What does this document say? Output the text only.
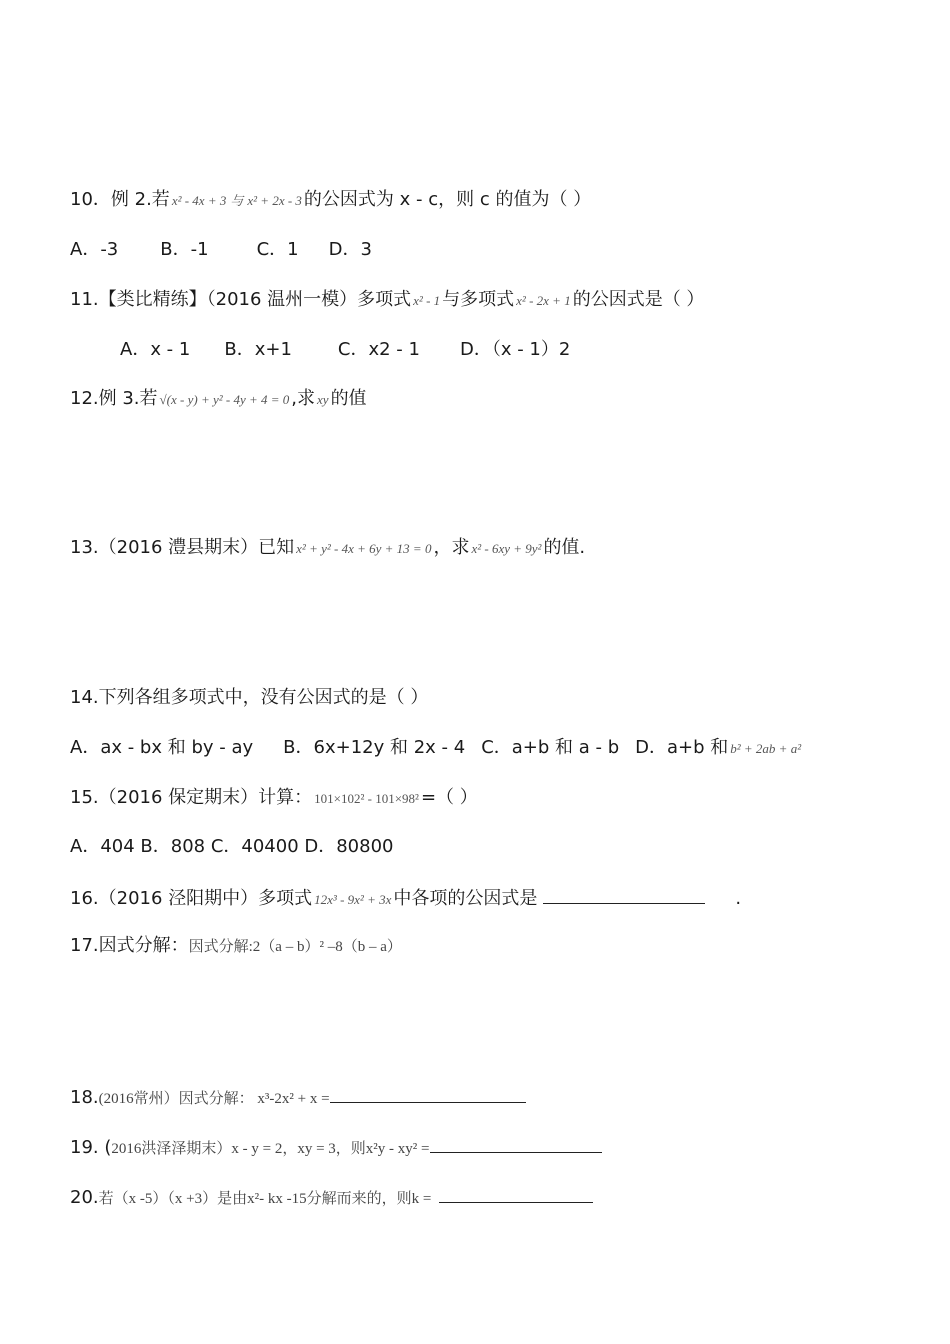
10．例 2.若 x² - 4x + 3 与 x² + 2x - 3 的公因式为 x - c，则 c 的值为（ ）
A．-3 B．-1	C．1 D．3
11.【类比精练】（2016 温州一模）多项式 x² - 1 与多项式 x² - 2x + 1 的公因式是（ ）
A．x - 1 B．x+1	C．x2 - 1 D．（x - 1）2
12.例 3.若 √(x - y) + y² - 4y + 4 = 0 ,求 xy 的值
13.（2016 澧县期末）已知 x² + y² - 4x + 6y + 13 = 0 ，求 x² - 6xy + 9y² 的值.
14.下列各组多项式中，没有公因式的是（ ）
A．ax - bx 和 by - ay B．6x+12y 和 2x - 4 C．a+b 和 a - b D．a+b 和 b² + 2ab + a²
15.（2016 保定期末）计算： 101×102² - 101×98² =（ ）
A．404 B．808 C．40400 D．80800
16.（2016 泾阳期中）多项式 12x³ - 9x² + 3x 中各项的公因式是	.
17.因式分解：因式分解:2（a – b）² –8（b – a）
18.(2016常州）因式分解： x³-2x² + x =
19. (2016洪泽泽期末）x - y = 2，xy = 3，则x²y - xy² =
20.若（x -5）（x +3）是由x²- kx -15分解而来的，则k =
